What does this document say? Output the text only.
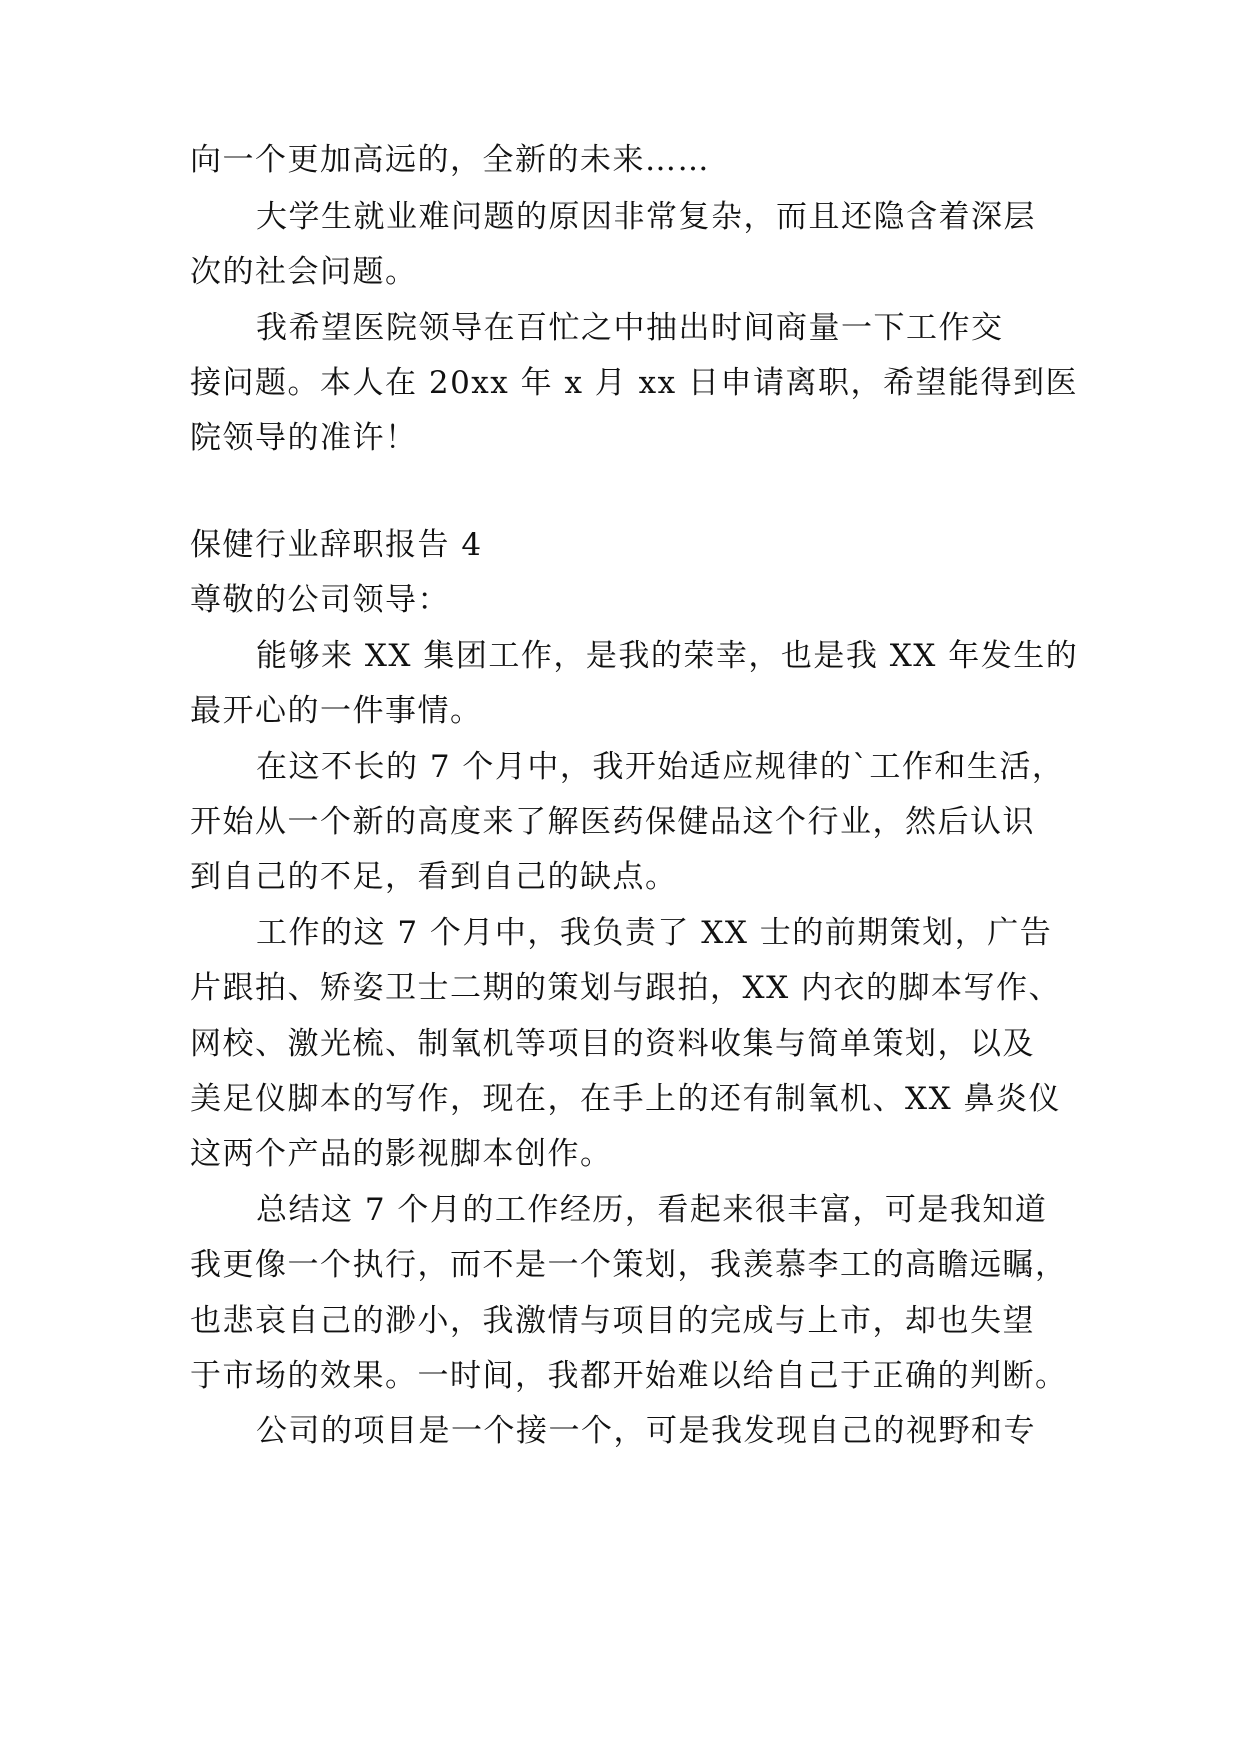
向一个更加高远的，全新的未来……
大学生就业难问题的原因非常复杂，而且还隐含着深层
次的社会问题。
我希望医院领导在百忙之中抽出时间商量一下工作交
接问题。本人在 20xx 年 x 月 xx 日申请离职，希望能得到医
院领导的准许！
保健行业辞职报告 4
尊敬的公司领导：
能够来 XX 集团工作，是我的荣幸，也是我 XX 年发生的
最开心的一件事情。
在这不长的 7 个月中，我开始适应规律的`工作和生活，
开始从一个新的高度来了解医药保健品这个行业，然后认识
到自己的不足，看到自己的缺点。
工作的这 7 个月中，我负责了 XX 士的前期策划，广告
片跟拍、矫姿卫士二期的策划与跟拍，XX 内衣的脚本写作、
网校、激光梳、制氧机等项目的资料收集与简单策划，以及
美足仪脚本的写作，现在，在手上的还有制氧机、XX 鼻炎仪
这两个产品的影视脚本创作。
总结这 7 个月的工作经历，看起来很丰富，可是我知道
我更像一个执行，而不是一个策划，我羡慕李工的高瞻远瞩，
也悲哀自己的渺小，我激情与项目的完成与上市，却也失望
于市场的效果。一时间，我都开始难以给自己于正确的判断。
公司的项目是一个接一个，可是我发现自己的视野和专
